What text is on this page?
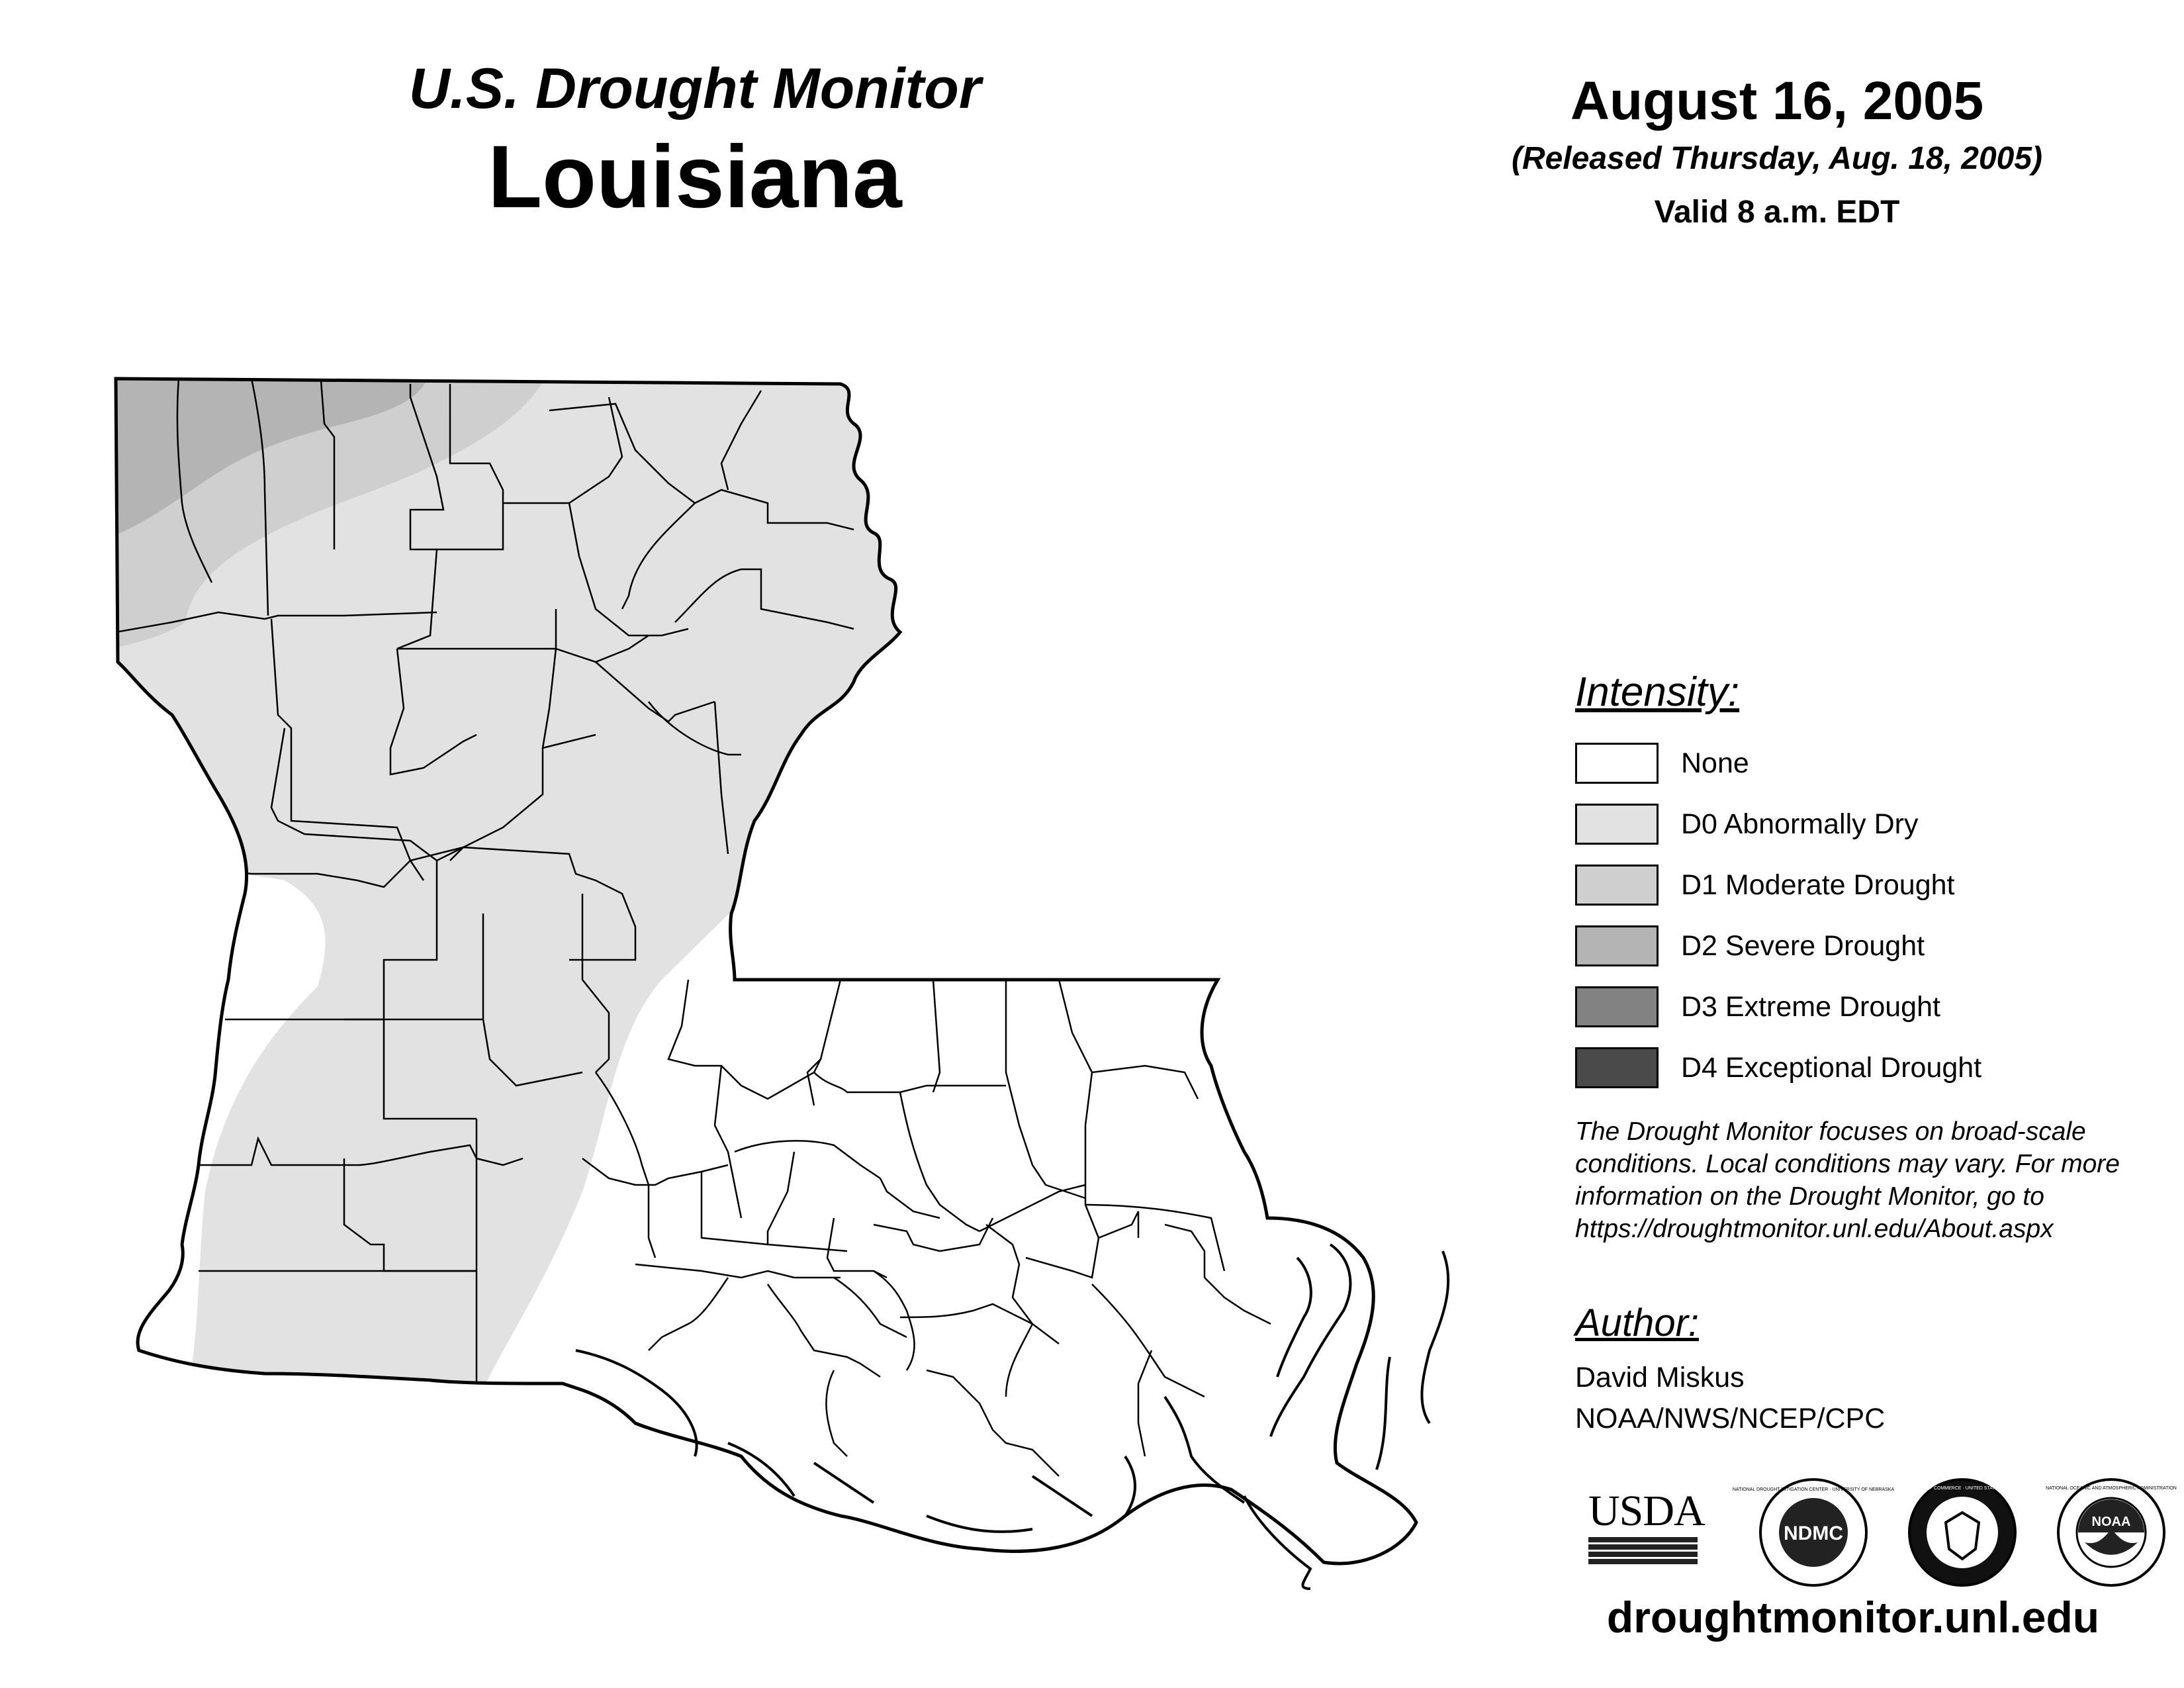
U.S. Drought Monitor
Louisiana
August 16, 2005
(Released Thursday, Aug. 18, 2005)
Valid 8 a.m. EDT
Intensity:
None
D0 Abnormally Dry
D1 Moderate Drought
D2 Severe Drought
D3 Extreme Drought
D4 Exceptional Drought
The Drought Monitor focuses on broad-scale conditions. Local conditions may vary. For more information on the Drought Monitor, go to https://droughtmonitor.unl.edu/About.aspx
Author:
David Miskus
NOAA/NWS/NCEP/CPC
USDA	NDMC
NATIONAL DROUGHT MITIGATION CENTER · UNIVERSITY OF NEBRASKA
DEPARTMENT OF COMMERCE · UNITED STATES OF AMERICA
NOAA
NATIONAL OCEANIC AND ATMOSPHERIC ADMINISTRATION
droughtmonitor.unl.edu
